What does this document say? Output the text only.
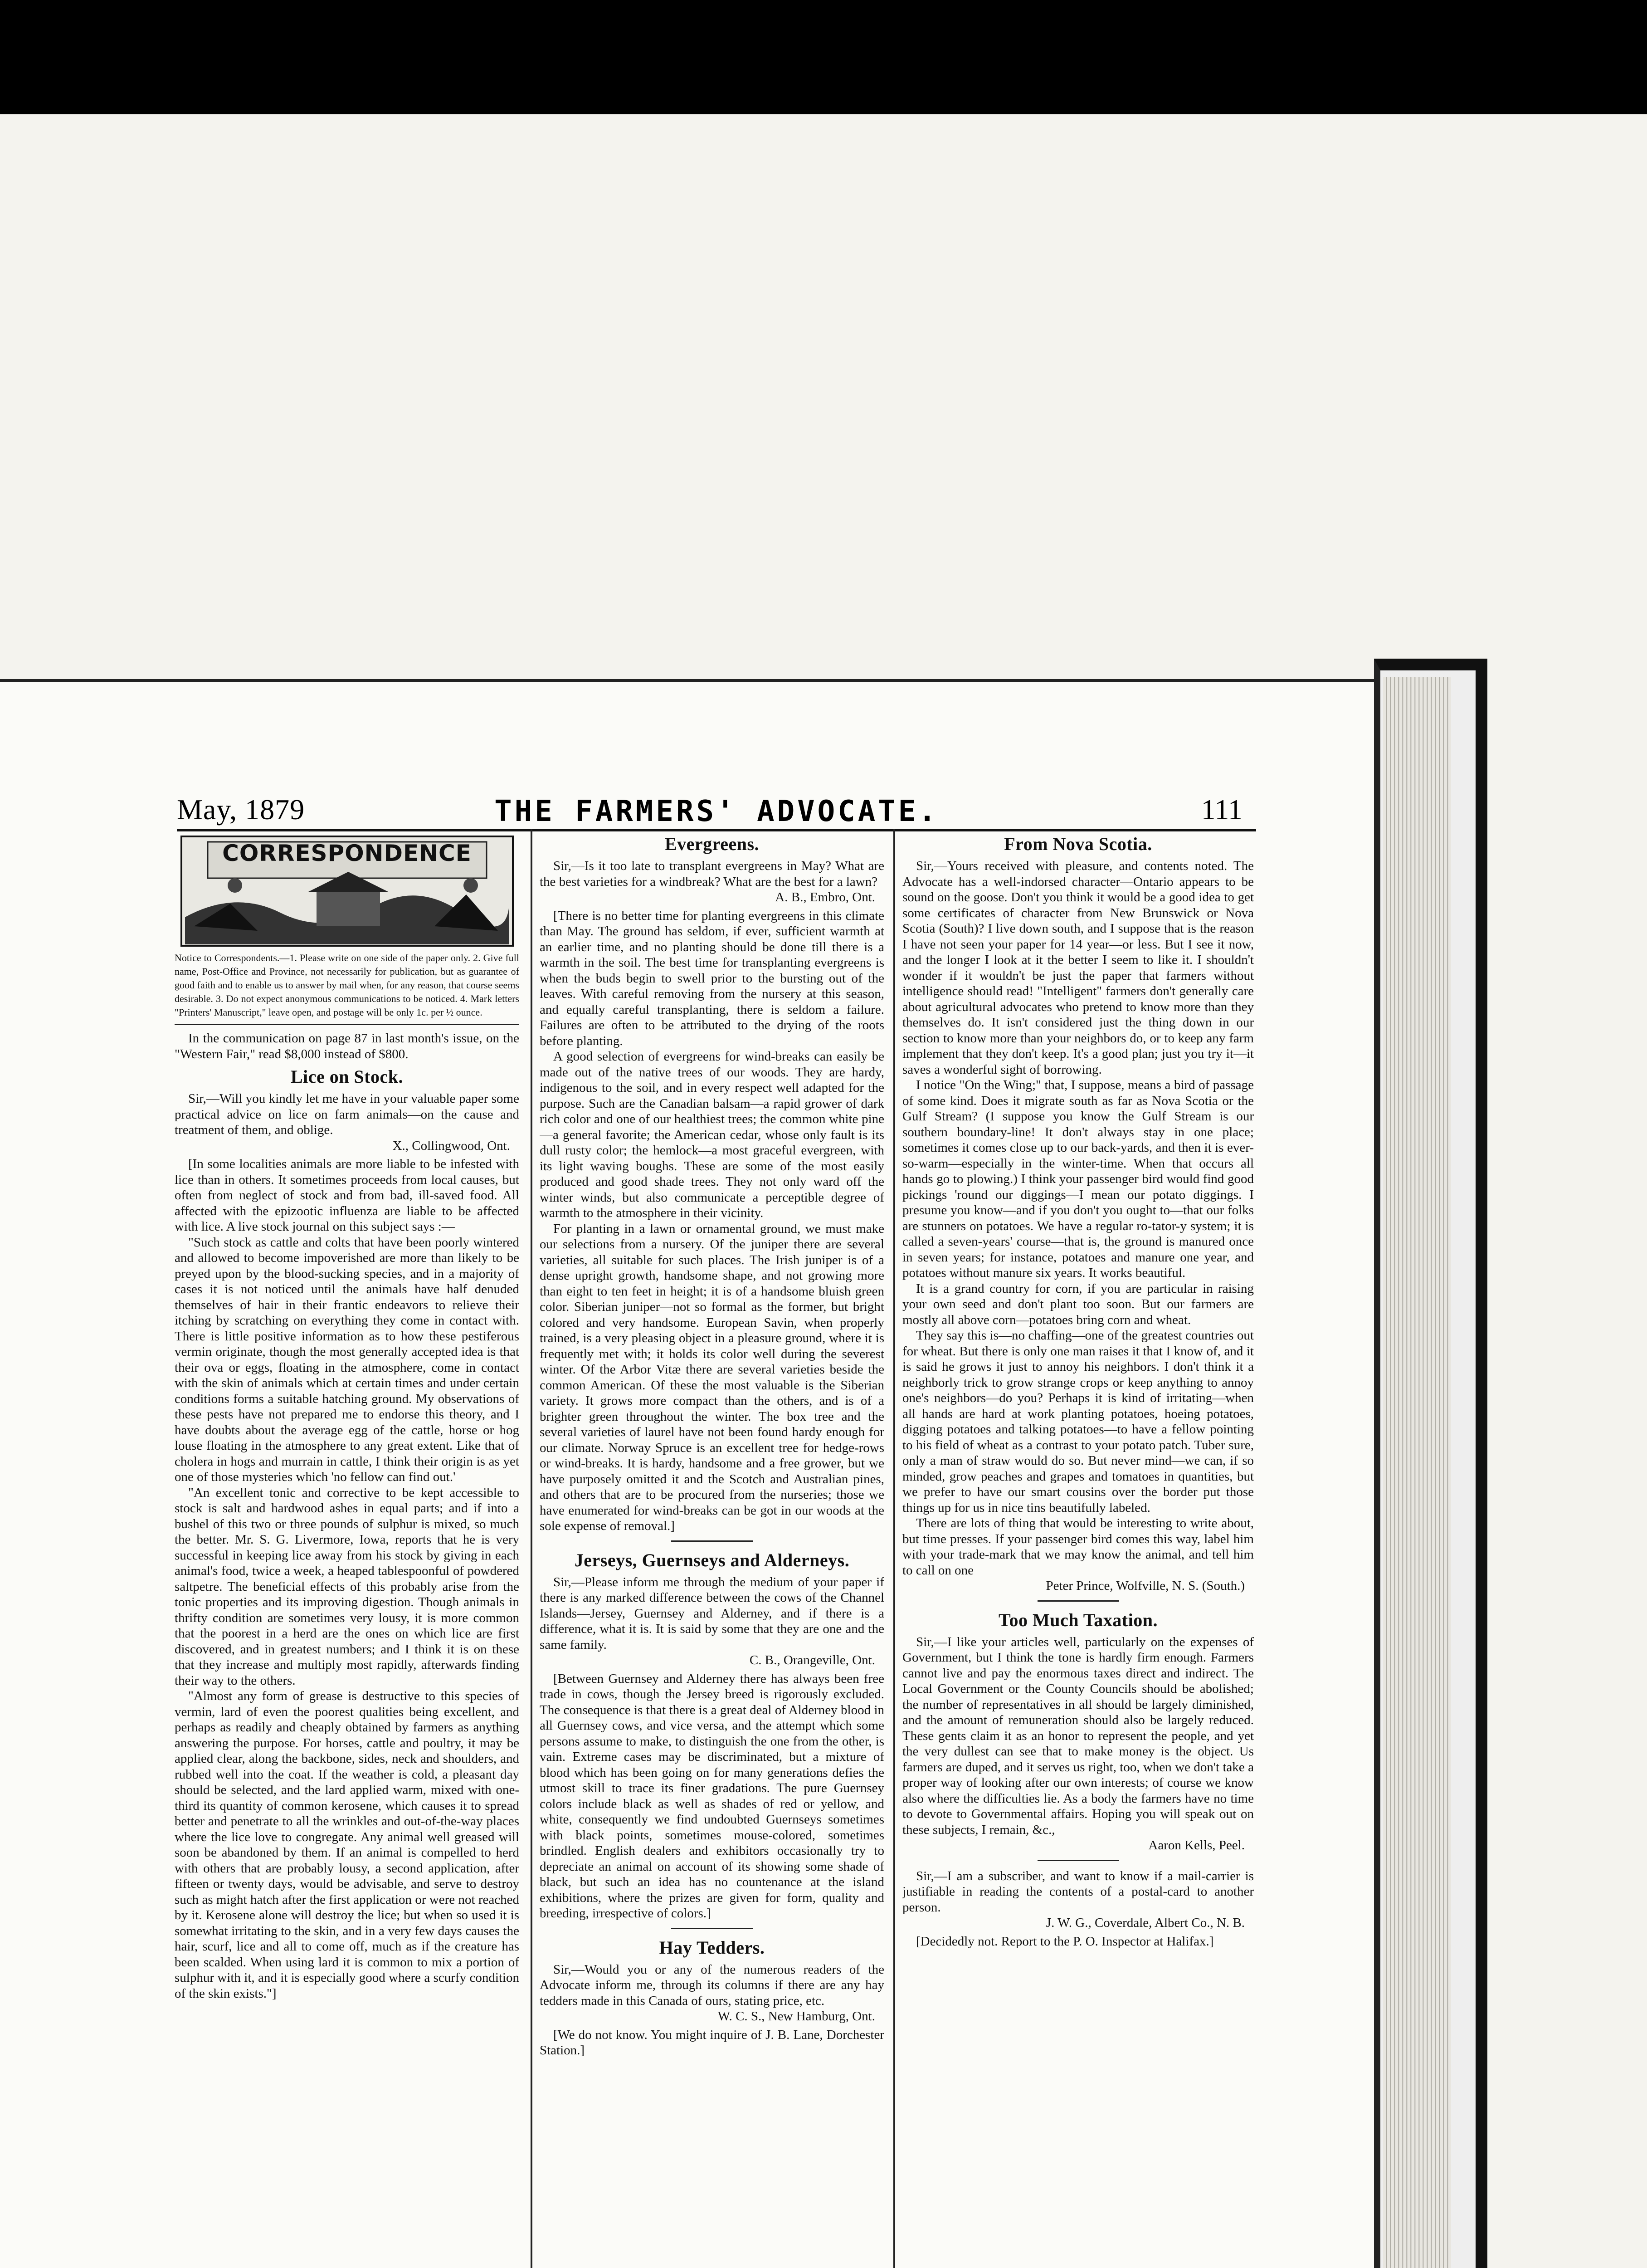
May, 1879	THE FARMERS' ADVOCATE.	111
CORRESPONDENCE

Notice to Correspondents.—1. Please write on one side of the paper only. 2. Give full name, Post-Office and Province, not necessarily for publication, but as guarantee of good faith and to enable us to answer by mail when, for any reason, that course seems desirable. 3. Do not expect anonymous communications to be noticed. 4. Mark letters "Printers' Manuscript," leave open, and postage will be only 1c. per ½ ounce.

In the communication on page 87 in last month's issue, on the "Western Fair," read $8,000 instead of $800.

Lice on Stock.

Sir,—Will you kindly let me have in your valuable paper some practical advice on lice on farm animals—on the cause and treatment of them, and oblige.

X., Collingwood, Ont.

[In some localities animals are more liable to be infested with lice than in others. It sometimes proceeds from local causes, but often from neglect of stock and from bad, ill-saved food. All affected with the epizootic influenza are liable to be affected with lice. A live stock journal on this subject says :—

"Such stock as cattle and colts that have been poorly wintered and allowed to become impoverished are more than likely to be preyed upon by the blood-sucking species, and in a majority of cases it is not noticed until the animals have half denuded themselves of hair in their frantic endeavors to relieve their itching by scratching on everything they come in contact with. There is little positive information as to how these pestiferous vermin originate, though the most generally accepted idea is that their ova or eggs, floating in the atmosphere, come in contact with the skin of animals which at certain times and under certain conditions forms a suitable hatching ground. My observations of these pests have not prepared me to endorse this theory, and I have doubts about the average egg of the cattle, horse or hog louse floating in the atmosphere to any great extent. Like that of cholera in hogs and murrain in cattle, I think their origin is as yet one of those mysteries which 'no fellow can find out.'

"An excellent tonic and corrective to be kept accessible to stock is salt and hardwood ashes in equal parts; and if into a bushel of this two or three pounds of sulphur is mixed, so much the better. Mr. S. G. Livermore, Iowa, reports that he is very successful in keeping lice away from his stock by giving in each animal's food, twice a week, a heaped tablespoonful of powdered saltpetre. The beneficial effects of this probably arise from the tonic properties and its improving digestion. Though animals in thrifty condition are sometimes very lousy, it is more common that the poorest in a herd are the ones on which lice are first discovered, and in greatest numbers; and I think it is on these that they increase and multiply most rapidly, afterwards finding their way to the others.

"Almost any form of grease is destructive to this species of vermin, lard of even the poorest qualities being excellent, and perhaps as readily and cheaply obtained by farmers as anything answering the purpose. For horses, cattle and poultry, it may be applied clear, along the backbone, sides, neck and shoulders, and rubbed well into the coat. If the weather is cold, a pleasant day should be selected, and the lard applied warm, mixed with one-third its quantity of common kerosene, which causes it to spread better and penetrate to all the wrinkles and out-of-the-way places where the lice love to congregate. Any animal well greased will soon be abandoned by them. If an animal is compelled to herd with others that are probably lousy, a second application, after fifteen or twenty days, would be advisable, and serve to destroy such as might hatch after the first application or were not reached by it. Kerosene alone will destroy the lice; but when so used it is somewhat irritating to the skin, and in a very few days causes the hair, scurf, lice and all to come off, much as if the creature has been scalded. When using lard it is common to mix a portion of sulphur with it, and it is especially good where a scurfy condition of the skin exists."]

Evergreens.

Sir,—Is it too late to transplant evergreens in May? What are the best varieties for a windbreak? What are the best for a lawn?

A. B., Embro, Ont.

[There is no better time for planting evergreens in this climate than May. The ground has seldom, if ever, sufficient warmth at an earlier time, and no planting should be done till there is a warmth in the soil. The best time for transplanting evergreens is when the buds begin to swell prior to the bursting out of the leaves. With careful removing from the nursery at this season, and equally careful transplanting, there is seldom a failure. Failures are often to be attributed to the drying of the roots before planting.

A good selection of evergreens for wind-breaks can easily be made out of the native trees of our woods. They are hardy, indigenous to the soil, and in every respect well adapted for the purpose. Such are the Canadian balsam—a rapid grower of dark rich color and one of our healthiest trees; the common white pine—a general favorite; the American cedar, whose only fault is its dull rusty color; the hemlock—a most graceful evergreen, with its light waving boughs. These are some of the most easily produced and good shade trees. They not only ward off the winter winds, but also communicate a perceptible degree of warmth to the atmosphere in their vicinity.

For planting in a lawn or ornamental ground, we must make our selections from a nursery. Of the juniper there are several varieties, all suitable for such places. The Irish juniper is of a dense upright growth, handsome shape, and not growing more than eight to ten feet in height; it is of a handsome bluish green color. Siberian juniper—not so formal as the former, but bright colored and very handsome. European Savin, when properly trained, is a very pleasing object in a pleasure ground, where it is frequently met with; it holds its color well during the severest winter. Of the Arbor Vitæ there are several varieties beside the common American. Of these the most valuable is the Siberian variety. It grows more compact than the others, and is of a brighter green throughout the winter. The box tree and the several varieties of laurel have not been found hardy enough for our climate. Norway Spruce is an excellent tree for hedge-rows or wind-breaks. It is hardy, handsome and a free grower, but we have purposely omitted it and the Scotch and Australian pines, and others that are to be procured from the nurseries; those we have enumerated for wind-breaks can be got in our woods at the sole expense of removal.]

Jerseys, Guernseys and Alderneys.

Sir,—Please inform me through the medium of your paper if there is any marked difference between the cows of the Channel Islands—Jersey, Guernsey and Alderney, and if there is a difference, what it is. It is said by some that they are one and the same family.

C. B., Orangeville, Ont.

[Between Guernsey and Alderney there has always been free trade in cows, though the Jersey breed is rigorously excluded. The consequence is that there is a great deal of Alderney blood in all Guernsey cows, and vice versa, and the attempt which some persons assume to make, to distinguish the one from the other, is vain. Extreme cases may be discriminated, but a mixture of blood which has been going on for many generations defies the utmost skill to trace its finer gradations. The pure Guernsey colors include black as well as shades of red or yellow, and white, consequently we find undoubted Guernseys sometimes with black points, sometimes mouse-colored, sometimes brindled. English dealers and exhibitors occasionally try to depreciate an animal on account of its showing some shade of black, but such an idea has no countenance at the island exhibitions, where the prizes are given for form, quality and breeding, irrespective of colors.]

Hay Tedders.

Sir,—Would you or any of the numerous readers of the Advocate inform me, through its columns if there are any hay tedders made in this Canada of ours, stating price, etc.

W. C. S., New Hamburg, Ont.

[We do not know. You might inquire of J. B. Lane, Dorchester Station.]

From Nova Scotia.

Sir,—Yours received with pleasure, and contents noted. The Advocate has a well-indorsed character—Ontario appears to be sound on the goose. Don't you think it would be a good idea to get some certificates of character from New Brunswick or Nova Scotia (South)? I live down south, and I suppose that is the reason I have not seen your paper for 14 year—or less. But I see it now, and the longer I look at it the better I seem to like it. I shouldn't wonder if it wouldn't be just the paper that farmers without intelligence should read! "Intelligent" farmers don't generally care about agricultural advocates who pretend to know more than they themselves do. It isn't considered just the thing down in our section to know more than your neighbors do, or to keep any farm implement that they don't keep. It's a good plan; just you try it—it saves a wonderful sight of borrowing.

I notice "On the Wing;" that, I suppose, means a bird of passage of some kind. Does it migrate south as far as Nova Scotia or the Gulf Stream? (I suppose you know the Gulf Stream is our southern boundary-line! It don't always stay in one place; sometimes it comes close up to our back-yards, and then it is ever-so-warm—especially in the winter-time. When that occurs all hands go to plowing.) I think your passenger bird would find good pickings 'round our diggings—I mean our potato diggings. I presume you know—and if you don't you ought to—that our folks are stunners on potatoes. We have a regular ro-tator-y system; it is called a seven-years' course—that is, the ground is manured once in seven years; for instance, potatoes and manure one year, and potatoes without manure six years. It works beautiful.

It is a grand country for corn, if you are particular in raising your own seed and don't plant too soon. But our farmers are mostly all above corn—potatoes bring corn and wheat.

They say this is—no chaffing—one of the greatest countries out for wheat. But there is only one man raises it that I know of, and it is said he grows it just to annoy his neighbors. I don't think it a neighborly trick to grow strange crops or keep anything to annoy one's neighbors—do you? Perhaps it is kind of irritating—when all hands are hard at work planting potatoes, hoeing potatoes, digging potatoes and talking potatoes—to have a fellow pointing to his field of wheat as a contrast to your potato patch. Tuber sure, only a man of straw would do so. But never mind—we can, if so minded, grow peaches and grapes and tomatoes in quantities, but we prefer to have our smart cousins over the border put those things up for us in nice tins beautifully labeled.

There are lots of thing that would be interesting to write about, but time presses. If your passenger bird comes this way, label him with your trade-mark that we may know the animal, and tell him to call on one

Peter Prince, Wolfville, N. S. (South.)

Too Much Taxation.

Sir,—I like your articles well, particularly on the expenses of Government, but I think the tone is hardly firm enough. Farmers cannot live and pay the enormous taxes direct and indirect. The Local Government or the County Councils should be abolished; the number of representatives in all should be largely diminished, and the amount of remuneration should also be largely reduced. These gents claim it as an honor to represent the people, and yet the very dullest can see that to make money is the object. Us farmers are duped, and it serves us right, too, when we don't take a proper way of looking after our own interests; of course we know also where the difficulties lie. As a body the farmers have no time to devote to Governmental affairs. Hoping you will speak out on these subjects, I remain, &c.,

Aaron Kells, Peel.

Sir,—I am a subscriber, and want to know if a mail-carrier is justifiable in reading the contents of a postal-card to another person.

J. W. G., Coverdale, Albert Co., N. B.

[Decidedly not. Report to the P. O. Inspector at Halifax.]
